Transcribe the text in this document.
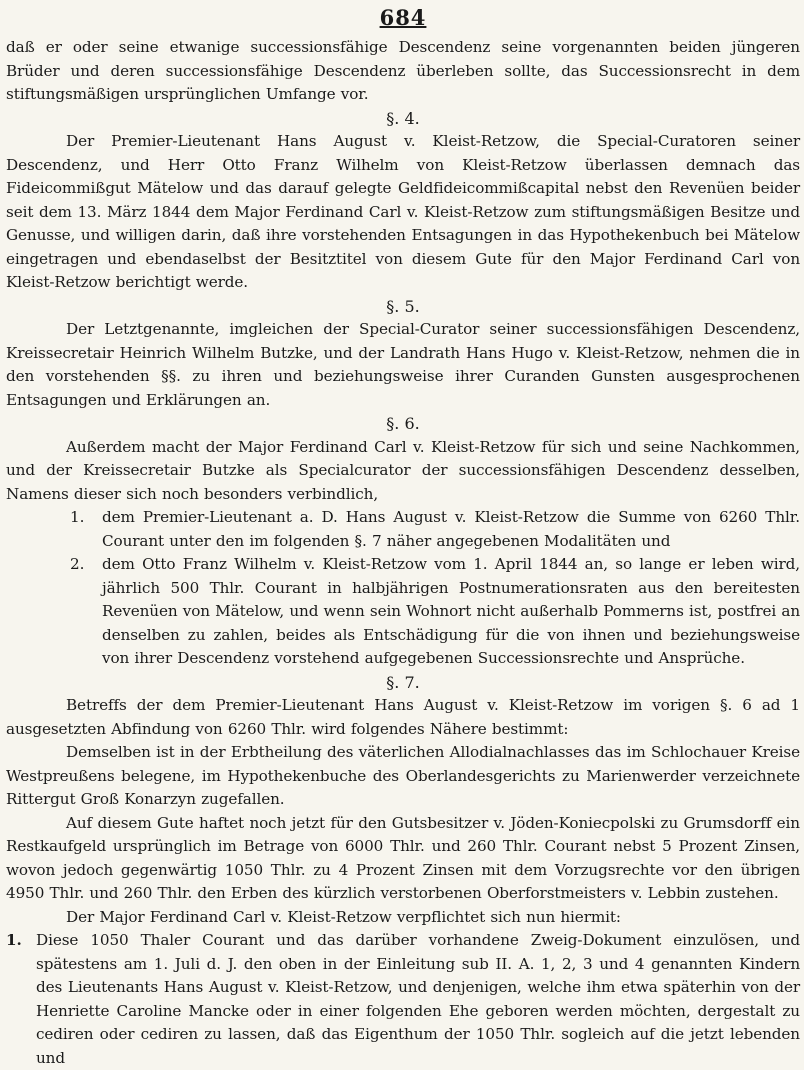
684

daß er oder seine etwanige successionsfähige Descendenz seine vorgenannten beiden jüngeren Brüder und deren successionsfähige Descendenz überleben sollte, das Successionsrecht in dem stiftungsmäßigen ursprünglichen Umfange vor.

§. 4.

Der Premier-Lieutenant Hans August v. Kleist-Retzow, die Special-Curatoren seiner Descendenz, und Herr Otto Franz Wilhelm von Kleist-Retzow überlassen demnach das Fideicommißgut Mätelow und das darauf gelegte Geldfideicommißcapital nebst den Revenüen beider seit dem 13. März 1844 dem Major Ferdinand Carl v. Kleist-Retzow zum stiftungsmäßigen Besitze und Genusse, und willigen darin, daß ihre vorstehenden Entsagungen in das Hypothekenbuch bei Mätelow eingetragen und ebendaselbst der Besitztitel von diesem Gute für den Major Ferdinand Carl von Kleist-Retzow berichtigt werde.

§. 5.

Der Letztgenannte, imgleichen der Special-Curator seiner successionsfähigen Descendenz, Kreissecretair Heinrich Wilhelm Butzke, und der Landrath Hans Hugo v. Kleist-Retzow, nehmen die in den vorstehenden §§. zu ihren und beziehungsweise ihrer Curanden Gunsten ausgesprochenen Entsagungen und Erklärungen an.

§. 6.

Außerdem macht der Major Ferdinand Carl v. Kleist-Retzow für sich und seine Nachkommen, und der Kreissecretair Butzke als Specialcurator der successionsfähigen Descendenz desselben, Namens dieser sich noch besonders verbindlich,

1. dem Premier-Lieutenant a. D. Hans August v. Kleist-Retzow die Summe von 6260 Thlr. Courant unter den im folgenden §. 7 näher angegebenen Modalitäten und

2. dem Otto Franz Wilhelm v. Kleist-Retzow vom 1. April 1844 an, so lange er leben wird, jährlich 500 Thlr. Courant in halbjährigen Postnumerationsraten aus den bereitesten Revenüen von Mätelow, und wenn sein Wohnort nicht außerhalb Pommerns ist, postfrei an denselben zu zahlen, beides als Entschädigung für die von ihnen und beziehungsweise von ihrer Descendenz vorstehend aufgegebenen Successionsrechte und Ansprüche.

§. 7.

Betreffs der dem Premier-Lieutenant Hans August v. Kleist-Retzow im vorigen §. 6 ad 1 ausgesetzten Abfindung von 6260 Thlr. wird folgendes Nähere bestimmt:

Demselben ist in der Erbtheilung des väterlichen Allodialnachlasses das im Schlochauer Kreise Westpreußens belegene, im Hypothekenbuche des Oberlandesgerichts zu Marienwerder verzeichnete Rittergut Groß Konarzyn zugefallen.

Auf diesem Gute haftet noch jetzt für den Gutsbesitzer v. Jöden-Koniecpolski zu Grumsdorff ein Restkaufgeld ursprünglich im Betrage von 6000 Thlr. und 260 Thlr. Courant nebst 5 Prozent Zinsen, wovon jedoch gegenwärtig 1050 Thlr. zu 4 Prozent Zinsen mit dem Vorzugsrechte vor den übrigen 4950 Thlr. und 260 Thlr. den Erben des kürzlich verstorbenen Oberforstmeisters v. Lebbin zustehen.

Der Major Ferdinand Carl v. Kleist-Retzow verpflichtet sich nun hiermit:

1. Diese 1050 Thaler Courant und das darüber vorhandene Zweig-Dokument einzulösen, und spätestens am 1. Juli d. J. den oben in der Einleitung sub II. A. 1, 2, 3 und 4 genannten Kindern des Lieutenants Hans August v. Kleist-Retzow, und denjenigen, welche ihm etwa späterhin von der Henriette Caroline Mancke oder in einer folgenden Ehe geboren werden möchten, dergestalt zu cediren oder cediren zu lassen, daß das Eigenthum der 1050 Thlr. sogleich auf die jetzt lebenden und
